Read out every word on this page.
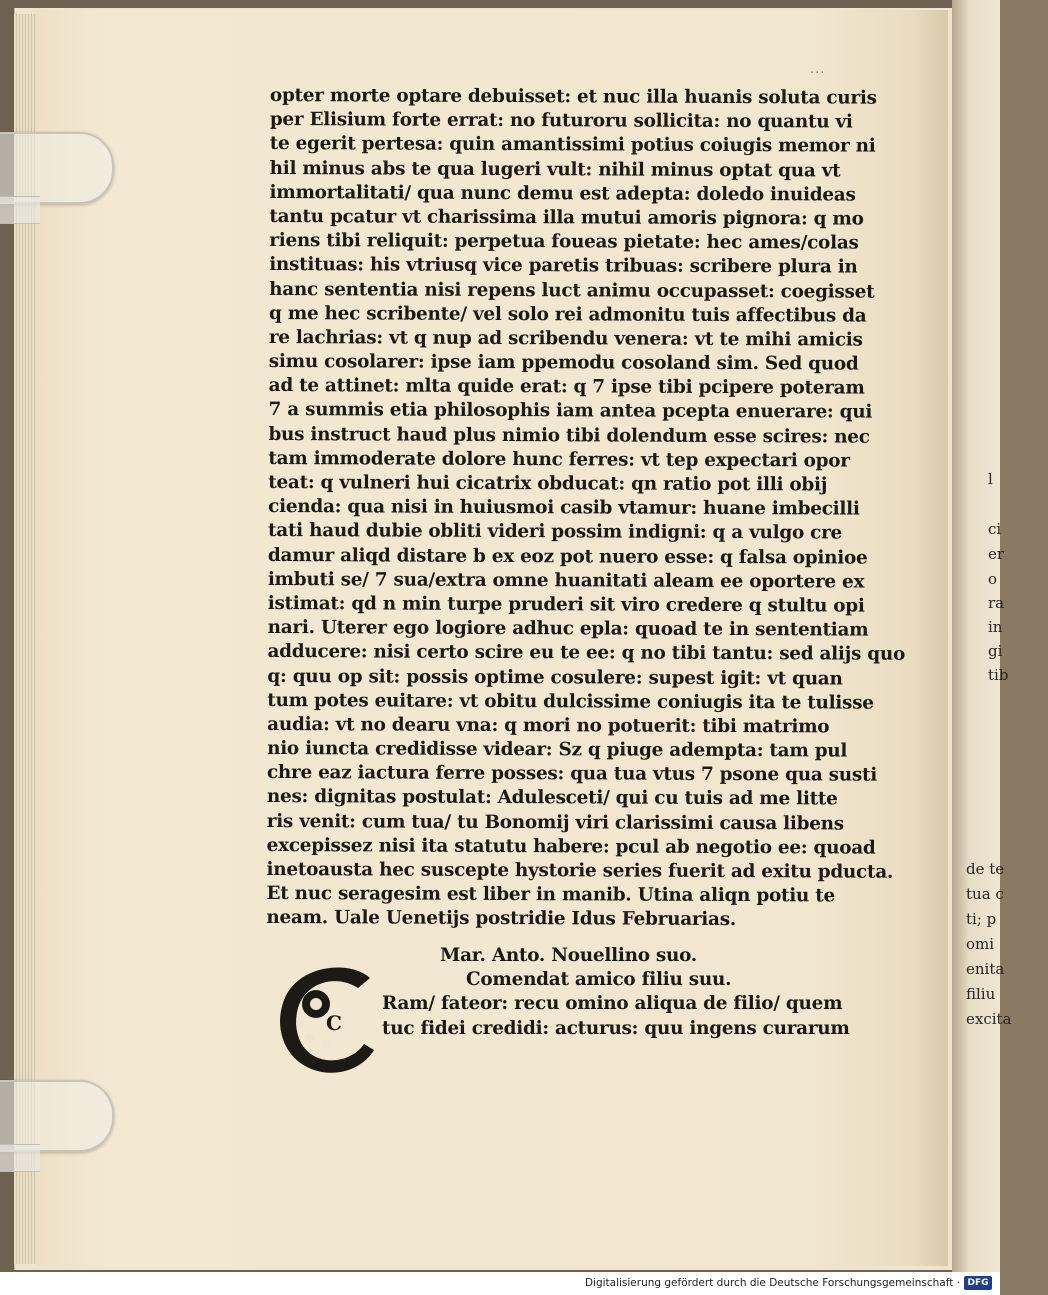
l
ci
er
o
ra
in
gi
tib
de te
tua c
ti; p
omi
enita
filiu
excita
...
opter morte optare debuisset: et nuc illa huanis soluta curis
per Elisium forte errat: no futuroru sollicita: no quantu vi
te egerit pertesa: quin amantissimi potius coiugis memor ni
hil minus abs te qua lugeri vult: nihil minus optat qua vt
immortalitati/ qua nunc demu est adepta: doledo inuideas
tantu pcatur vt charissima illa mutui amoris pignora: q mo
riens tibi reliquit: perpetua foueas pietate: hec ames/colas
instituas: his vtriusq vice paretis tribuas: scribere plura in
hanc sententia nisi repens luct animu occupasset: coegisset
q me hec scribente/ vel solo rei admonitu tuis affectibus da
re lachrias: vt q nup ad scribendu venera: vt te mihi amicis
simu cosolarer: ipse iam ppemodu cosoland sim. Sed quod
ad te attinet: mlta quide erat: q 7 ipse tibi pcipere poteram
7 a summis etia philosophis iam antea pcepta enuerare: qui
bus instruct haud plus nimio tibi dolendum esse scires: nec
tam immoderate dolore hunc ferres: vt tep expectari opor
teat: q vulneri hui cicatrix obducat: qn ratio pot illi obij
cienda: qua nisi in huiusmoi casib vtamur: huane imbecilli
tati haud dubie obliti videri possim indigni: q a vulgo cre
damur aliqd distare b ex eoz pot nuero esse: q falsa opinioe
imbuti se/ 7 sua/extra omne huanitati aleam ee oportere ex
istimat: qd n min turpe pruderi sit viro credere q stultu opi
nari. Uterer ego logiore adhuc epla: quoad te in sententiam
adducere: nisi certo scire eu te ee: q no tibi tantu: sed alijs quo
q: quu op sit: possis optime cosulere: supest igit: vt quan
tum potes euitare: vt obitu dulcissime coniugis ita te tulisse
audia: vt no dearu vna: q mori no potuerit: tibi matrimo
nio iuncta credidisse videar: Sz q piuge adempta: tam pul
chre eaz iactura ferre posses: qua tua vtus 7 psone qua susti
nes: dignitas postulat: Adulesceti/ qui cu tuis ad me litte
ris venit: cum tua/ tu Bonomij viri clarissimi causa libens
excepissez nisi ita statutu habere: pcul ab negotio ee: quoad
inetoausta hec suscepte hystorie series fuerit ad exitu pducta.
Et nuc seragesim est liber in manib. Utina aliqn potiu te
neam. Uale Uenetijs postridie Idus Februarias.
C
Mar. Anto. Nouellino suo.
Comendat amico filiu suu.
Ram/ fateor: recu omino aliqua de filio/ quem
tuc fidei credidi: acturus: quu ingens curarum
Digitalisierung gefördert durch die Deutsche Forschungsgemeinschaft · DFG
